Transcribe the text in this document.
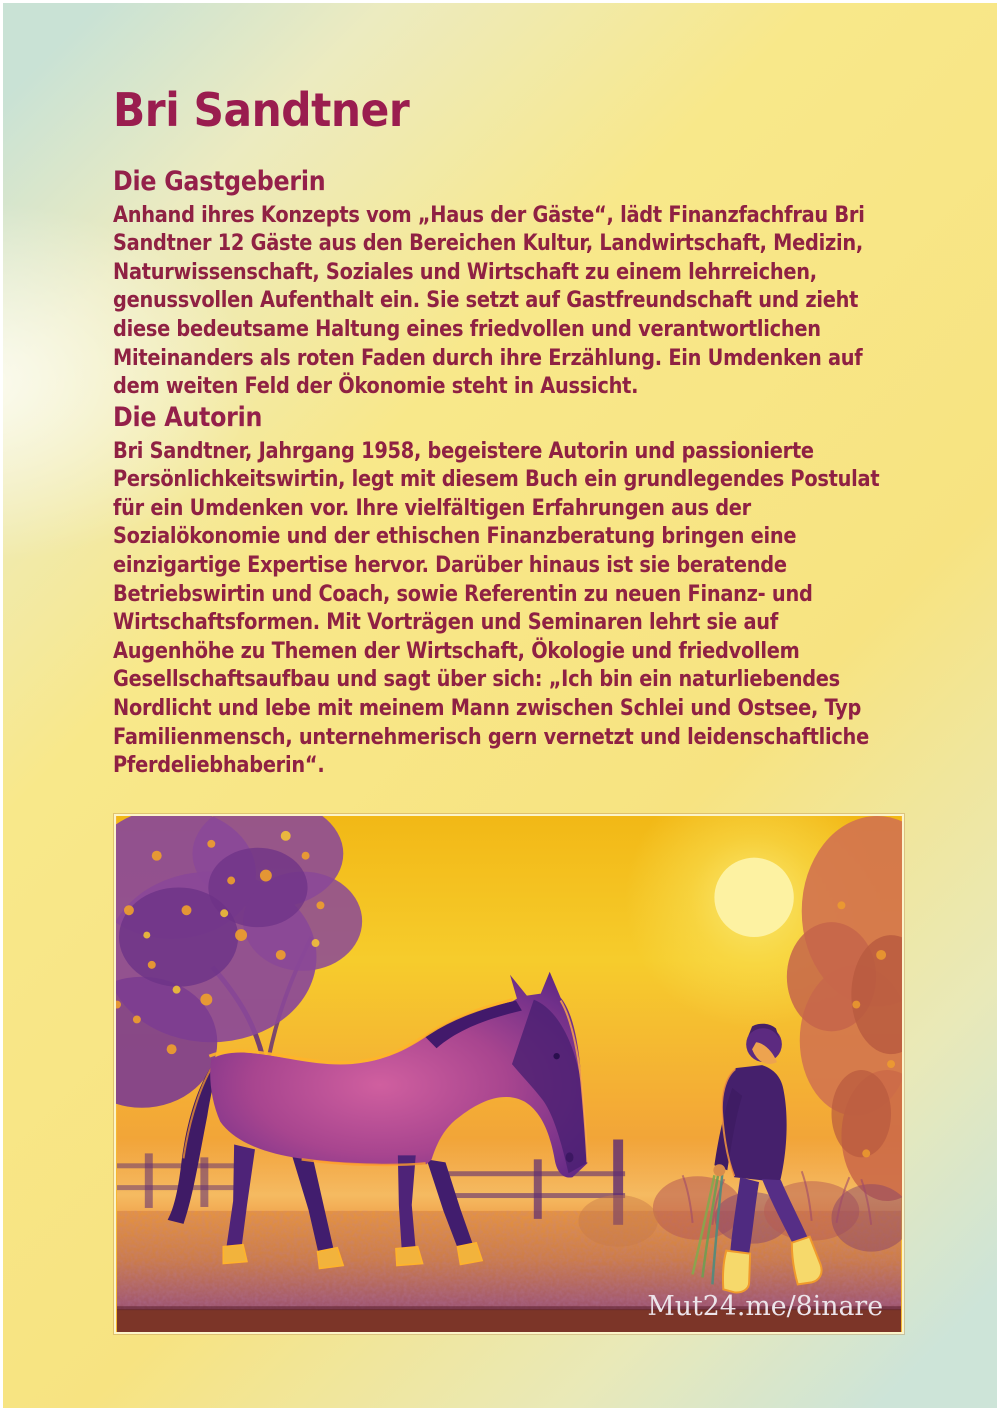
Bri Sandtner
Die Gastgeberin

Anhand ihres Konzepts vom „Haus der Gäste“, lädt Finanzfachfrau Bri Sandtner 12 Gäste aus den Bereichen Kultur, Landwirtschaft, Medizin, Naturwissenschaft, Soziales und Wirtschaft zu einem lehrreichen, genussvollen Aufenthalt ein. Sie setzt auf Gastfreundschaft und zieht diese bedeutsame Haltung eines friedvollen und verantwortlichen Miteinanders als roten Faden durch ihre Erzählung. Ein Umdenken auf dem weiten Feld der Ökonomie steht in Aussicht.

Die Autorin

Bri Sandtner, Jahrgang 1958, begeistere Autorin und passionierte Persönlichkeitswirtin, legt mit diesem Buch ein grundlegendes Postulat für ein Umdenken vor. Ihre vielfältigen Erfahrungen aus der Sozialökonomie und der ethischen Finanzberatung bringen eine einzigartige Expertise hervor. Darüber hinaus ist sie beratende Betriebswirtin und Coach, sowie Referentin zu neuen Finanz- und Wirtschaftsformen. Mit Vorträgen und Seminaren lehrt sie auf Augenhöhe zu Themen der Wirtschaft, Ökologie und friedvollem Gesellschaftsaufbau und sagt über sich: „Ich bin ein naturliebendes Nordlicht und lebe mit meinem Mann zwischen Schlei und Ostsee, Typ Familienmensch, unternehmerisch gern vernetzt und leidenschaftliche Pferdeliebhaberin“.

Mut24.me/8inare
